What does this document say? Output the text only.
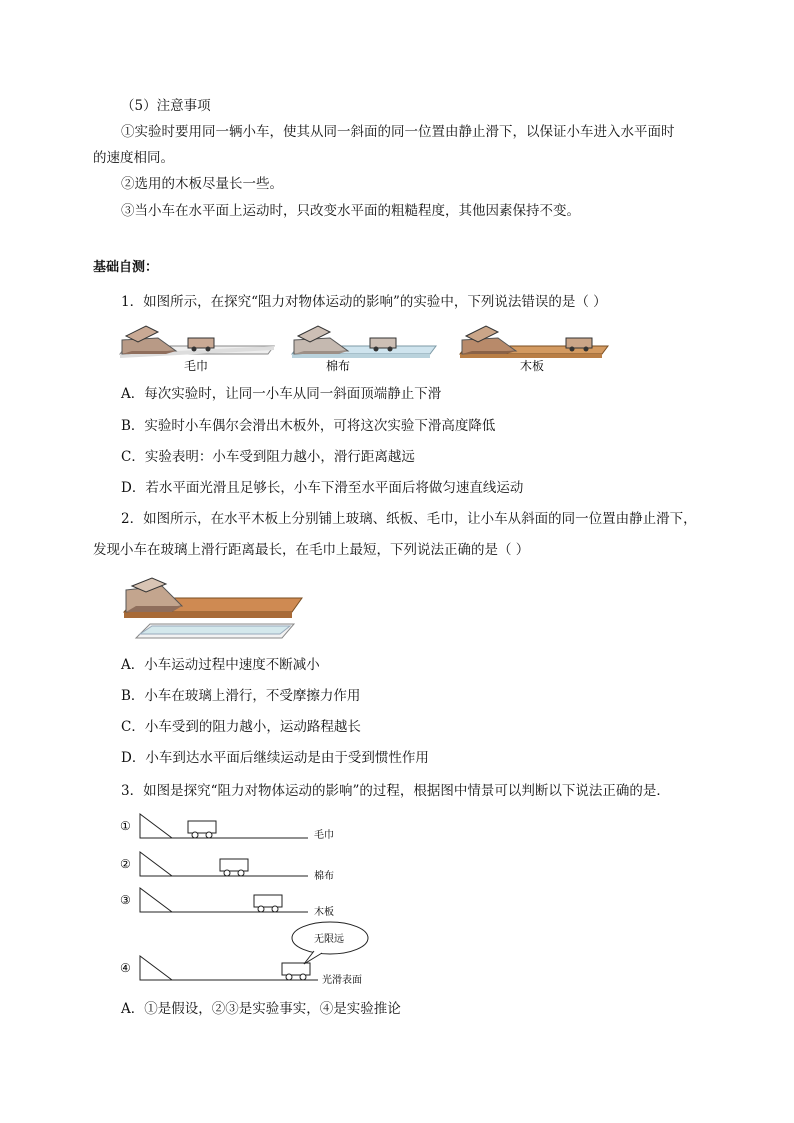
（5）注意事项
①实验时要用同一辆小车，使其从同一斜面的同一位置由静止滑下，以保证小车进入水平面时
的速度相同。
②选用的木板尽量长一些。
③当小车在水平面上运动时，只改变水平面的粗糙程度，其他因素保持不变。
基础自测：
1．如图所示，在探究“阻力对物体运动的影响”的实验中，下列说法错误的是（ ）
毛巾	棉布	木板
A．每次实验时，让同一小车从同一斜面顶端静止下滑
B．实验时小车偶尔会滑出木板外，可将这次实验下滑高度降低
C．实验表明：小车受到阻力越小，滑行距离越远
D．若水平面光滑且足够长，小车下滑至水平面后将做匀速直线运动
2．如图所示，在水平木板上分别铺上玻璃、纸板、毛巾，让小车从斜面的同一位置由静止滑下，
发现小车在玻璃上滑行距离最长，在毛巾上最短，下列说法正确的是（ ）
A．小车运动过程中速度不断减小
B．小车在玻璃上滑行，不受摩擦力作用
C．小车受到的阻力越小，运动路程越长
D．小车到达水平面后继续运动是由于受到惯性作用
3．如图是探究“阻力对物体运动的影响”的过程，根据图中情景可以判断以下说法正确的是．
①
毛巾
②
棉布
③
木板
④
光滑表面
无限远
A．①是假设，②③是实验事实，④是实验推论
